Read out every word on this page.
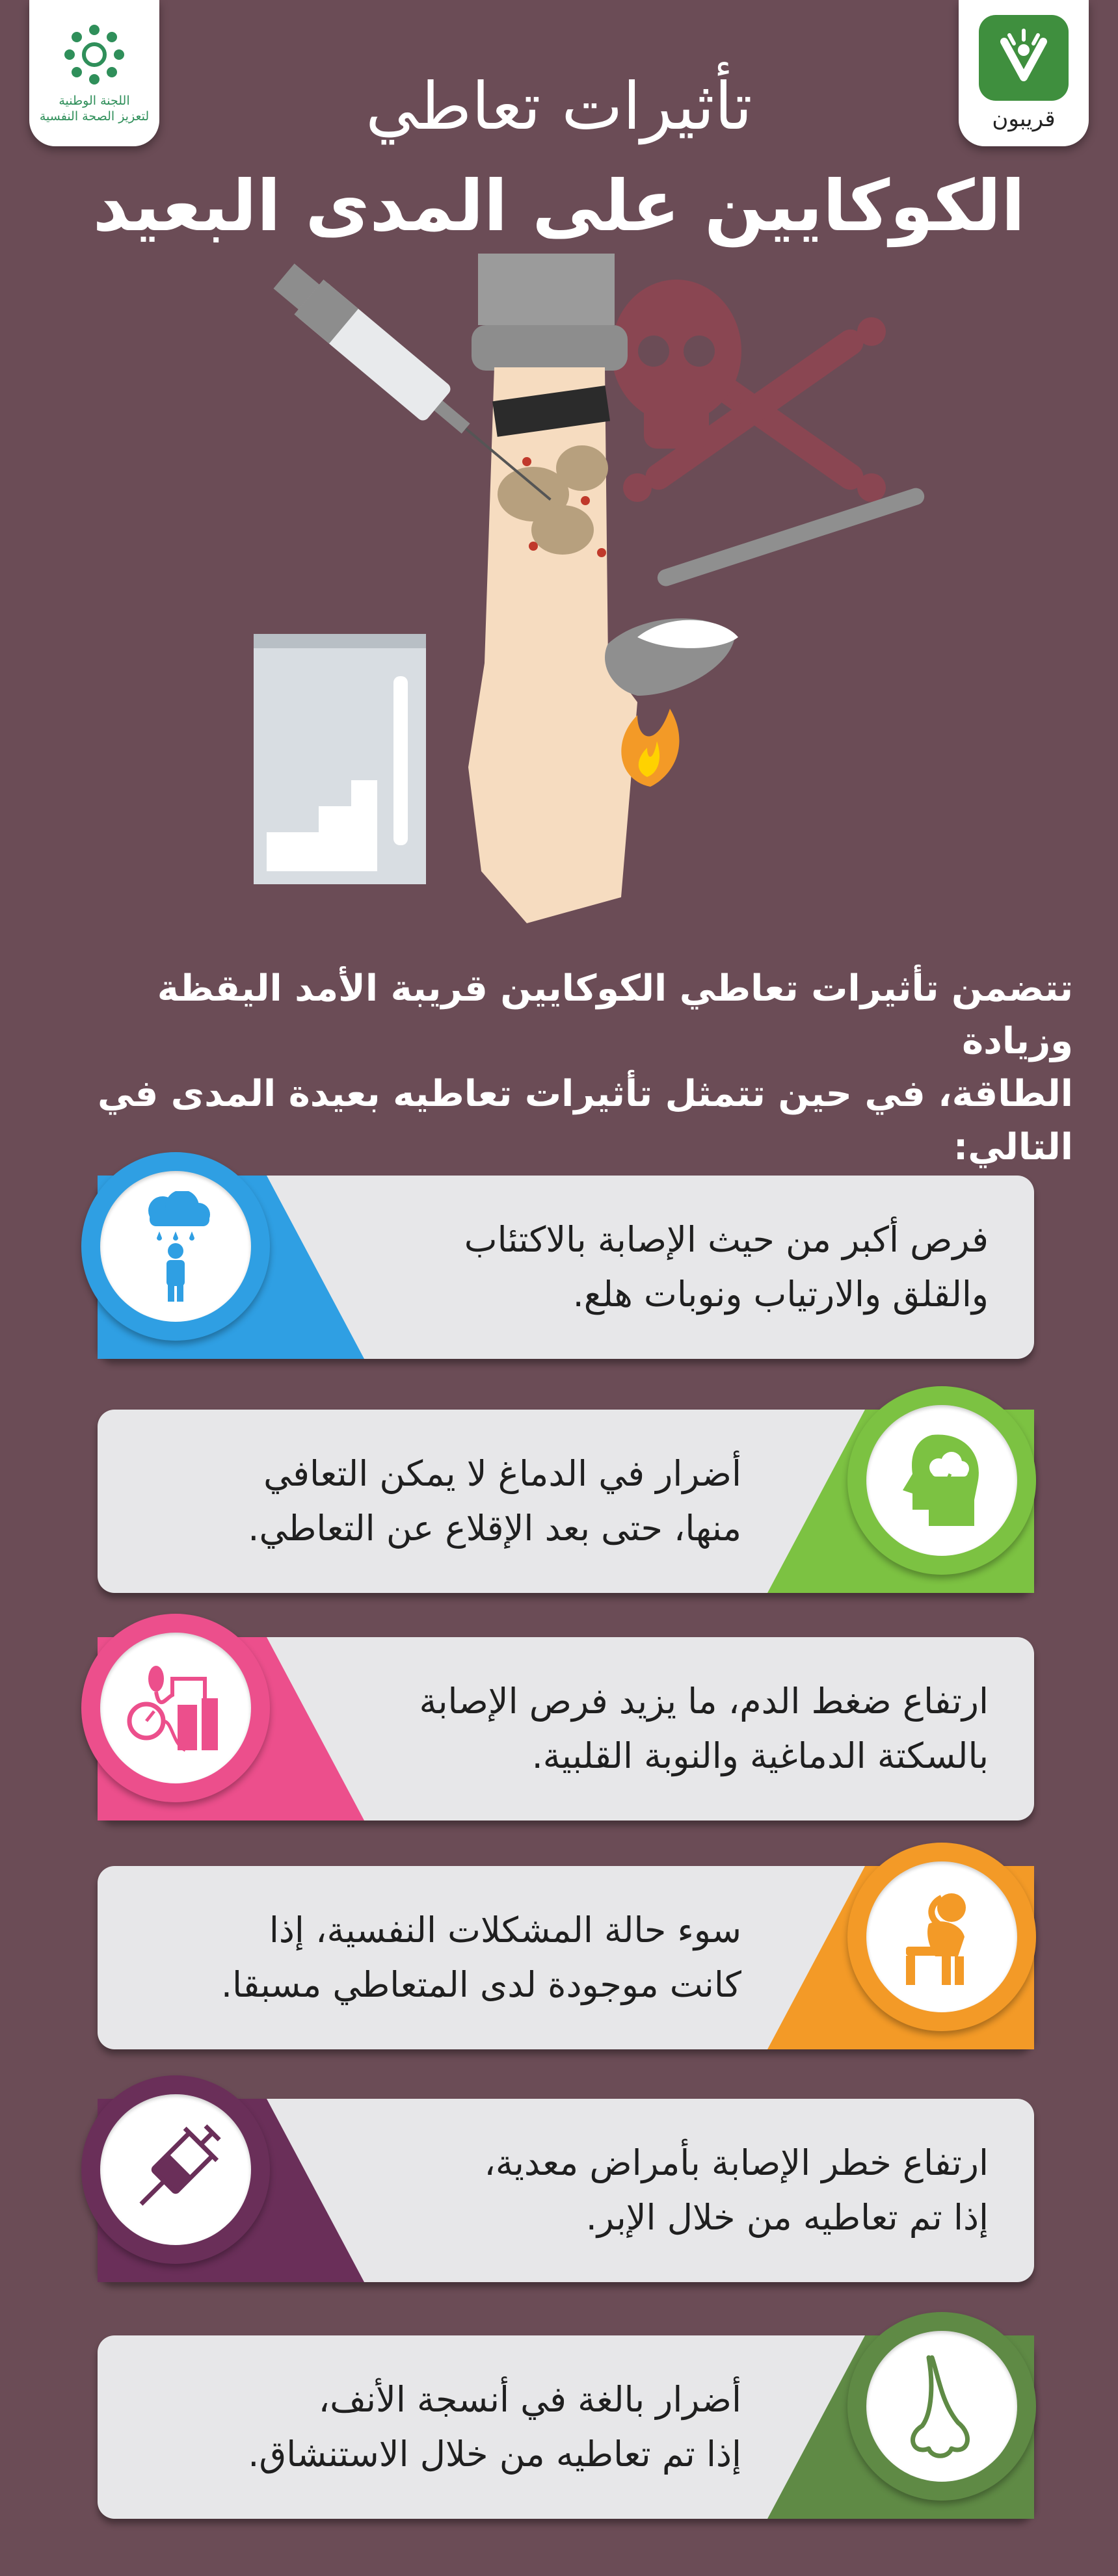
اللجنة الوطنية
لتعزيز الصحة النفسية	قريبون
تأثيرات تعاطي
الكوكايين على المدى البعيد
تتضمن تأثيرات تعاطي الكوكايين قريبة الأمد اليقظة وزيادة
الطاقة، في حين تتمثل تأثيرات تعاطيه بعيدة المدى في
التالي:
فرص أكبر من حيث الإصابة بالاكتئاب
والقلق والارتياب ونوبات هلع.
أضرار في الدماغ لا يمكن التعافي
منها، حتى بعد الإقلاع عن التعاطي.
ارتفاع ضغط الدم، ما يزيد فرص الإصابة
بالسكتة الدماغية والنوبة القلبية.
سوء حالة المشكلات النفسية، إذا
كانت موجودة لدى المتعاطي مسبقا.
ارتفاع خطر الإصابة بأمراض معدية،
إذا تم تعاطيه من خلال الإبر.
أضرار بالغة في أنسجة الأنف،
إذا تم تعاطيه من خلال الاستنشاق.
